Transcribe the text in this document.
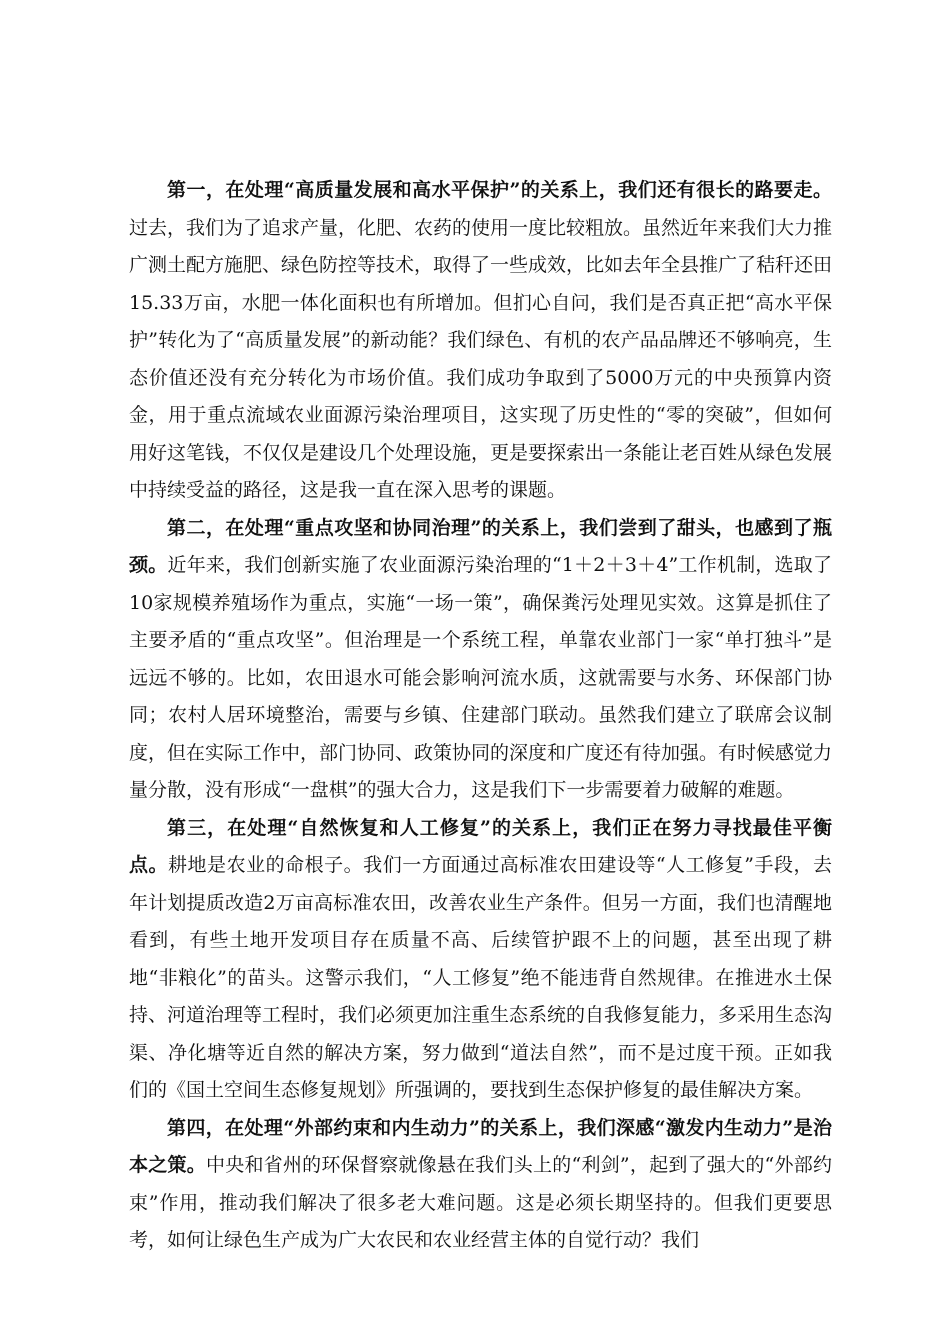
第一，在处理“高质量发展和高水平保护”的关系上，我们还有很长的路要走。过去，我们为了追求产量，化肥、农药的使用一度比较粗放。虽然近年来我们大力推广测土配方施肥、绿色防控等技术，取得了一些成效，比如去年全县推广了秸秆还田15.33万亩，水肥一体化面积也有所增加。但扪心自问，我们是否真正把“高水平保护”转化为了“高质量发展”的新动能？我们绿色、有机的农产品品牌还不够响亮，生态价值还没有充分转化为市场价值。我们成功争取到了5000万元的中央预算内资金，用于重点流域农业面源污染治理项目，这实现了历史性的“零的突破”，但如何用好这笔钱，不仅仅是建设几个处理设施，更是要探索出一条能让老百姓从绿色发展中持续受益的路径，这是我一直在深入思考的课题。

第二，在处理“重点攻坚和协同治理”的关系上，我们尝到了甜头，也感到了瓶颈。近年来，我们创新实施了农业面源污染治理的“1＋2＋3＋4”工作机制，选取了10家规模养殖场作为重点，实施“一场一策”，确保粪污处理见实效。这算是抓住了主要矛盾的“重点攻坚”。但治理是一个系统工程，单靠农业部门一家“单打独斗”是远远不够的。比如，农田退水可能会影响河流水质，这就需要与水务、环保部门协同；农村人居环境整治，需要与乡镇、住建部门联动。虽然我们建立了联席会议制度，但在实际工作中，部门协同、政策协同的深度和广度还有待加强。有时候感觉力量分散，没有形成“一盘棋”的强大合力，这是我们下一步需要着力破解的难题。

第三，在处理“自然恢复和人工修复”的关系上，我们正在努力寻找最佳平衡点。耕地是农业的命根子。我们一方面通过高标准农田建设等“人工修复”手段，去年计划提质改造2万亩高标准农田，改善农业生产条件。但另一方面，我们也清醒地看到，有些土地开发项目存在质量不高、后续管护跟不上的问题，甚至出现了耕地“非粮化”的苗头。这警示我们，“人工修复”绝不能违背自然规律。在推进水土保持、河道治理等工程时，我们必须更加注重生态系统的自我修复能力，多采用生态沟渠、净化塘等近自然的解决方案，努力做到“道法自然”，而不是过度干预。正如我们的《国土空间生态修复规划》所强调的，要找到生态保护修复的最佳解决方案。

第四，在处理“外部约束和内生动力”的关系上，我们深感“激发内生动力”是治本之策。中央和省州的环保督察就像悬在我们头上的“利剑”，起到了强大的“外部约束”作用，推动我们解决了很多老大难问题。这是必须长期坚持的。但我们更要思考，如何让绿色生产成为广大农民和农业经营主体的自觉行动？我们
